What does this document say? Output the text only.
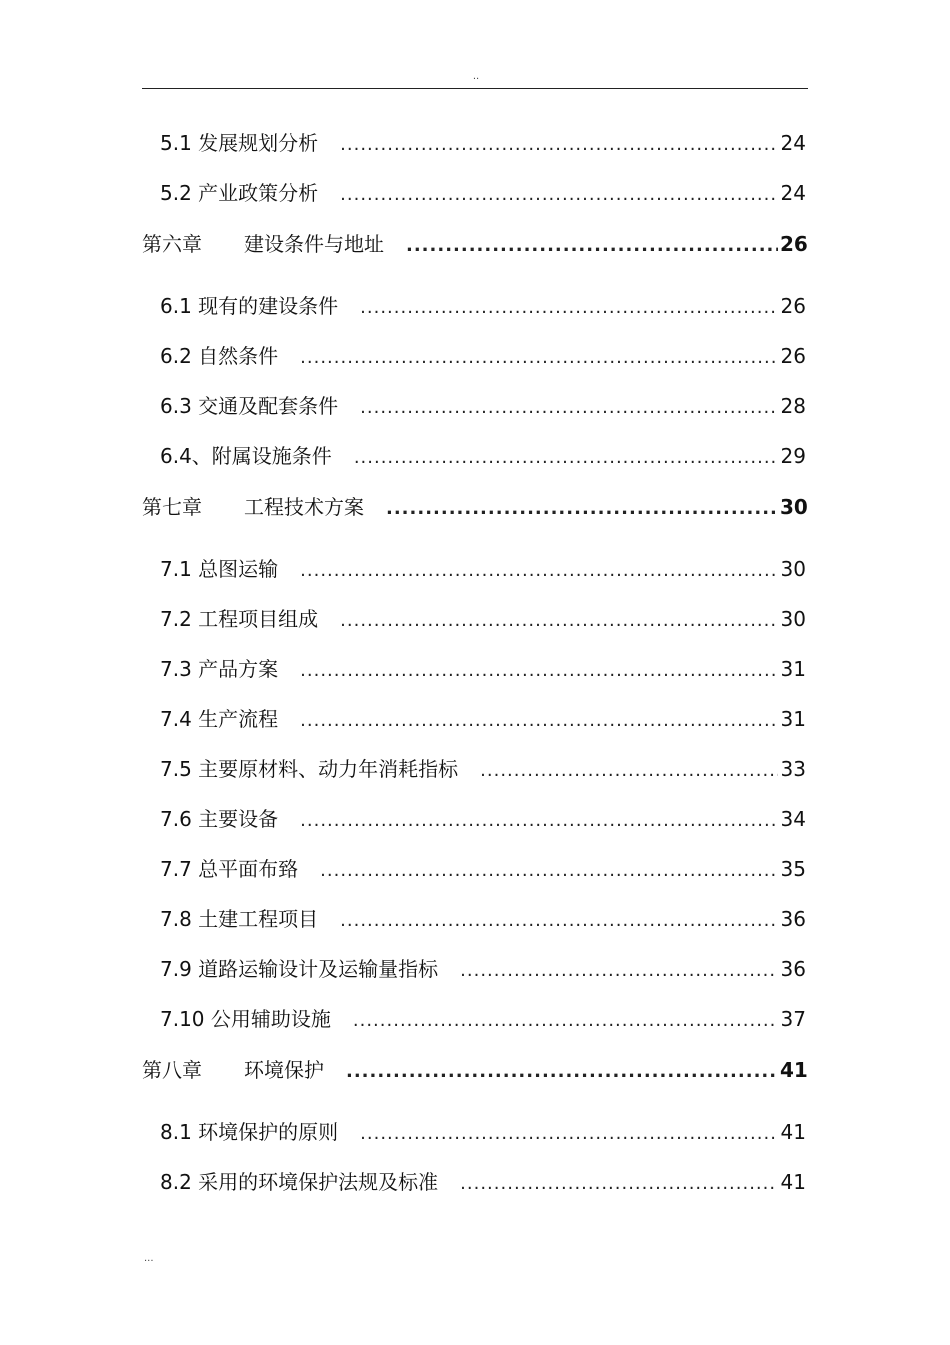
..
5.1 发展规划分析 .....	24
5.2 产业政策分析 .....	24
第六章 建设条件与地址 .....	26
6.1 现有的建设条件 .....	26
6.2 自然条件 .....	26
6.3 交通及配套条件 .....	28
6.4、附属设施条件 .....	29
第七章 工程技术方案 .....	30
7.1 总图运输 .....	30
7.2 工程项目组成 .....	30
7.3 产品方案 .....	31
7.4 生产流程 .....	31
7.5 主要原材料、动力年消耗指标 .....	33
7.6 主要设备 .....	34
7.7 总平面布臵 .....	35
7.8 土建工程项目 .....	36
7.9 道路运输设计及运输量指标 .....	36
7.10 公用辅助设施 .....	37
第八章 环境保护 .....	41
8.1 环境保护的原则 .....	41
8.2 采用的环境保护法规及标准 .....	41
...
